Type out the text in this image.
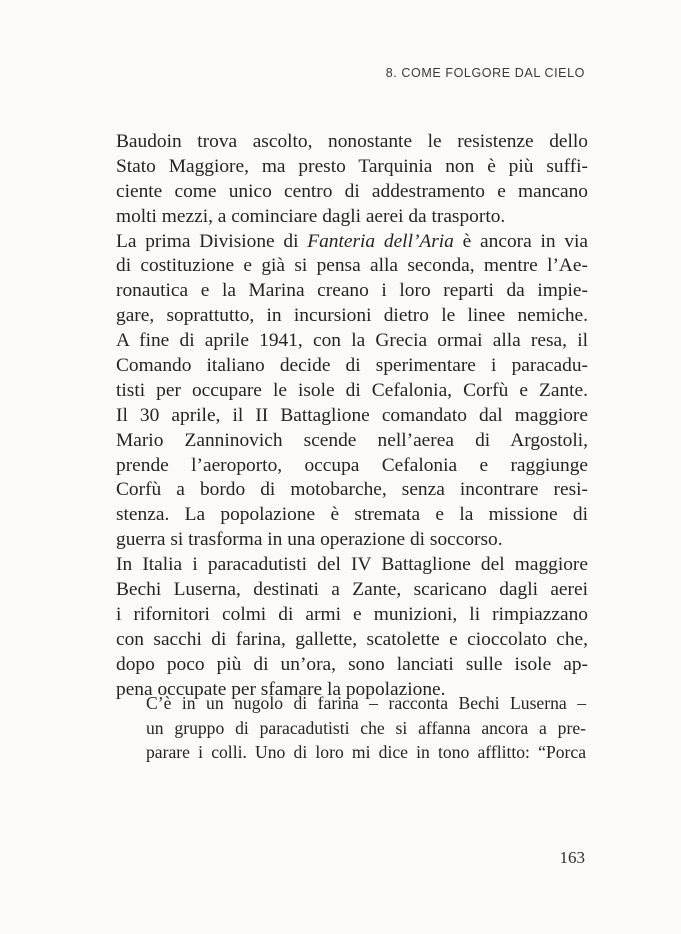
8. COME FOLGORE DAL CIELO
Baudoin trova ascolto, nonostante le resistenze dello
Stato Maggiore, ma presto Tarquinia non è più suffi-
ciente come unico centro di addestramento e mancano
molti mezzi, a cominciare dagli aerei da trasporto.
La prima Divisione di Fanteria dell’Aria è ancora in via
di costituzione e già si pensa alla seconda, mentre l’Ae-
ronautica e la Marina creano i loro reparti da impie-
gare, soprattutto, in incursioni dietro le linee nemiche.
A fine di aprile 1941, con la Grecia ormai alla resa, il
Comando italiano decide di sperimentare i paracadu-
tisti per occupare le isole di Cefalonia, Corfù e Zante.
Il 30 aprile, il II Battaglione comandato dal maggiore
Mario Zanninovich scende nell’aerea di Argostoli,
prende l’aeroporto, occupa Cefalonia e raggiunge
Corfù a bordo di motobarche, senza incontrare resi-
stenza. La popolazione è stremata e la missione di
guerra si trasforma in una operazione di soccorso.
In Italia i paracadutisti del IV Battaglione del maggiore
Bechi Luserna, destinati a Zante, scaricano dagli aerei
i rifornitori colmi di armi e munizioni, li rimpiazzano
con sacchi di farina, gallette, scatolette e cioccolato che,
dopo poco più di un’ora, sono lanciati sulle isole ap-
pena occupate per sfamare la popolazione.
C’è in un nugolo di farina – racconta Bechi Luserna –
un gruppo di paracadutisti che si affanna ancora a pre-
parare i colli. Uno di loro mi dice in tono afflitto: “Porca
163
